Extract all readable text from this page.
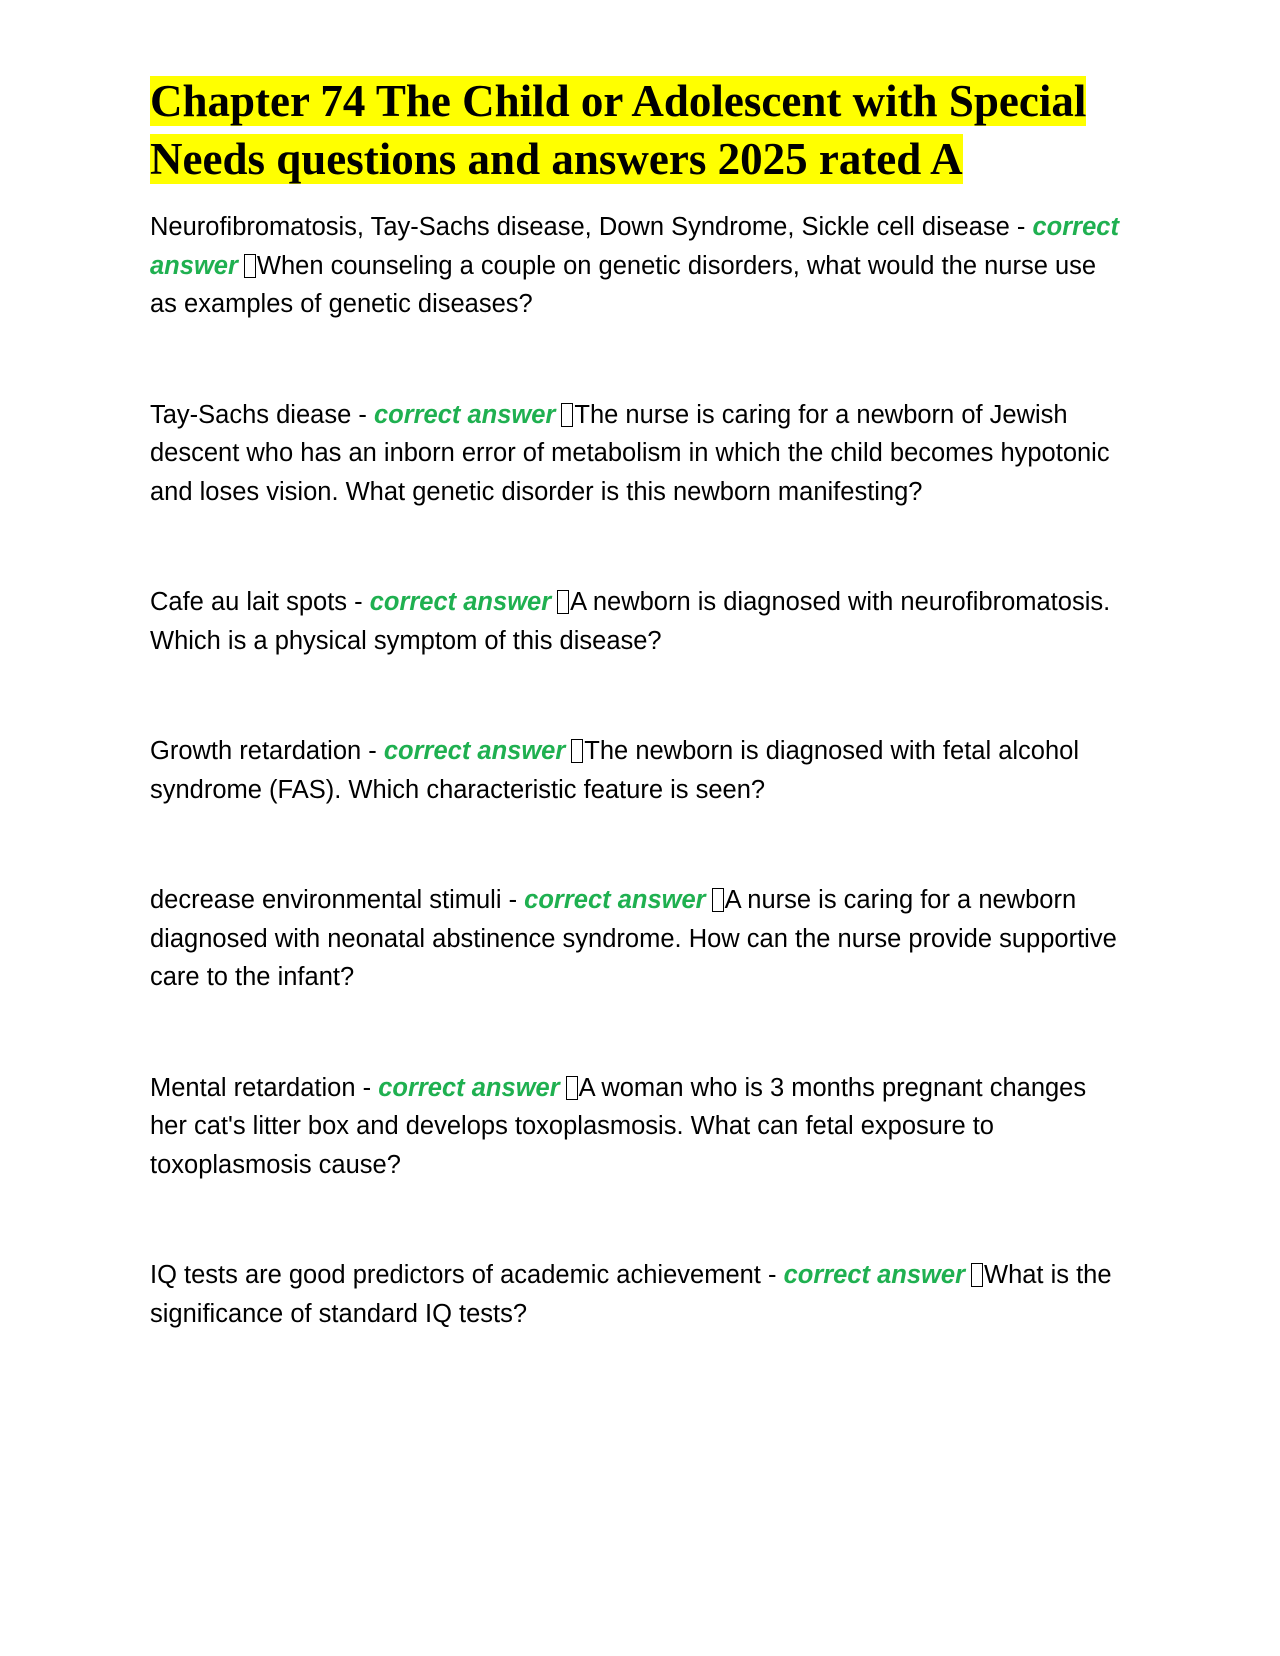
Chapter 74 The Child or Adolescent with Special Needs questions and answers 2025 rated A
Neurofibromatosis, Tay-Sachs disease, Down Syndrome, Sickle cell disease - correct answer When counseling a couple on genetic disorders, what would the nurse use as examples of genetic diseases?
Tay-Sachs diease - correct answer The nurse is caring for a newborn of Jewish descent who has an inborn error of metabolism in which the child becomes hypotonic and loses vision. What genetic disorder is this newborn manifesting?
Cafe au lait spots - correct answer A newborn is diagnosed with neurofibromatosis. Which is a physical symptom of this disease?
Growth retardation - correct answer The newborn is diagnosed with fetal alcohol syndrome (FAS). Which characteristic feature is seen?
decrease environmental stimuli - correct answer A nurse is caring for a newborn diagnosed with neonatal abstinence syndrome. How can the nurse provide supportive care to the infant?
Mental retardation - correct answer A woman who is 3 months pregnant changes her cat's litter box and develops toxoplasmosis. What can fetal exposure to toxoplasmosis cause?
IQ tests are good predictors of academic achievement - correct answer What is the significance of standard IQ tests?
